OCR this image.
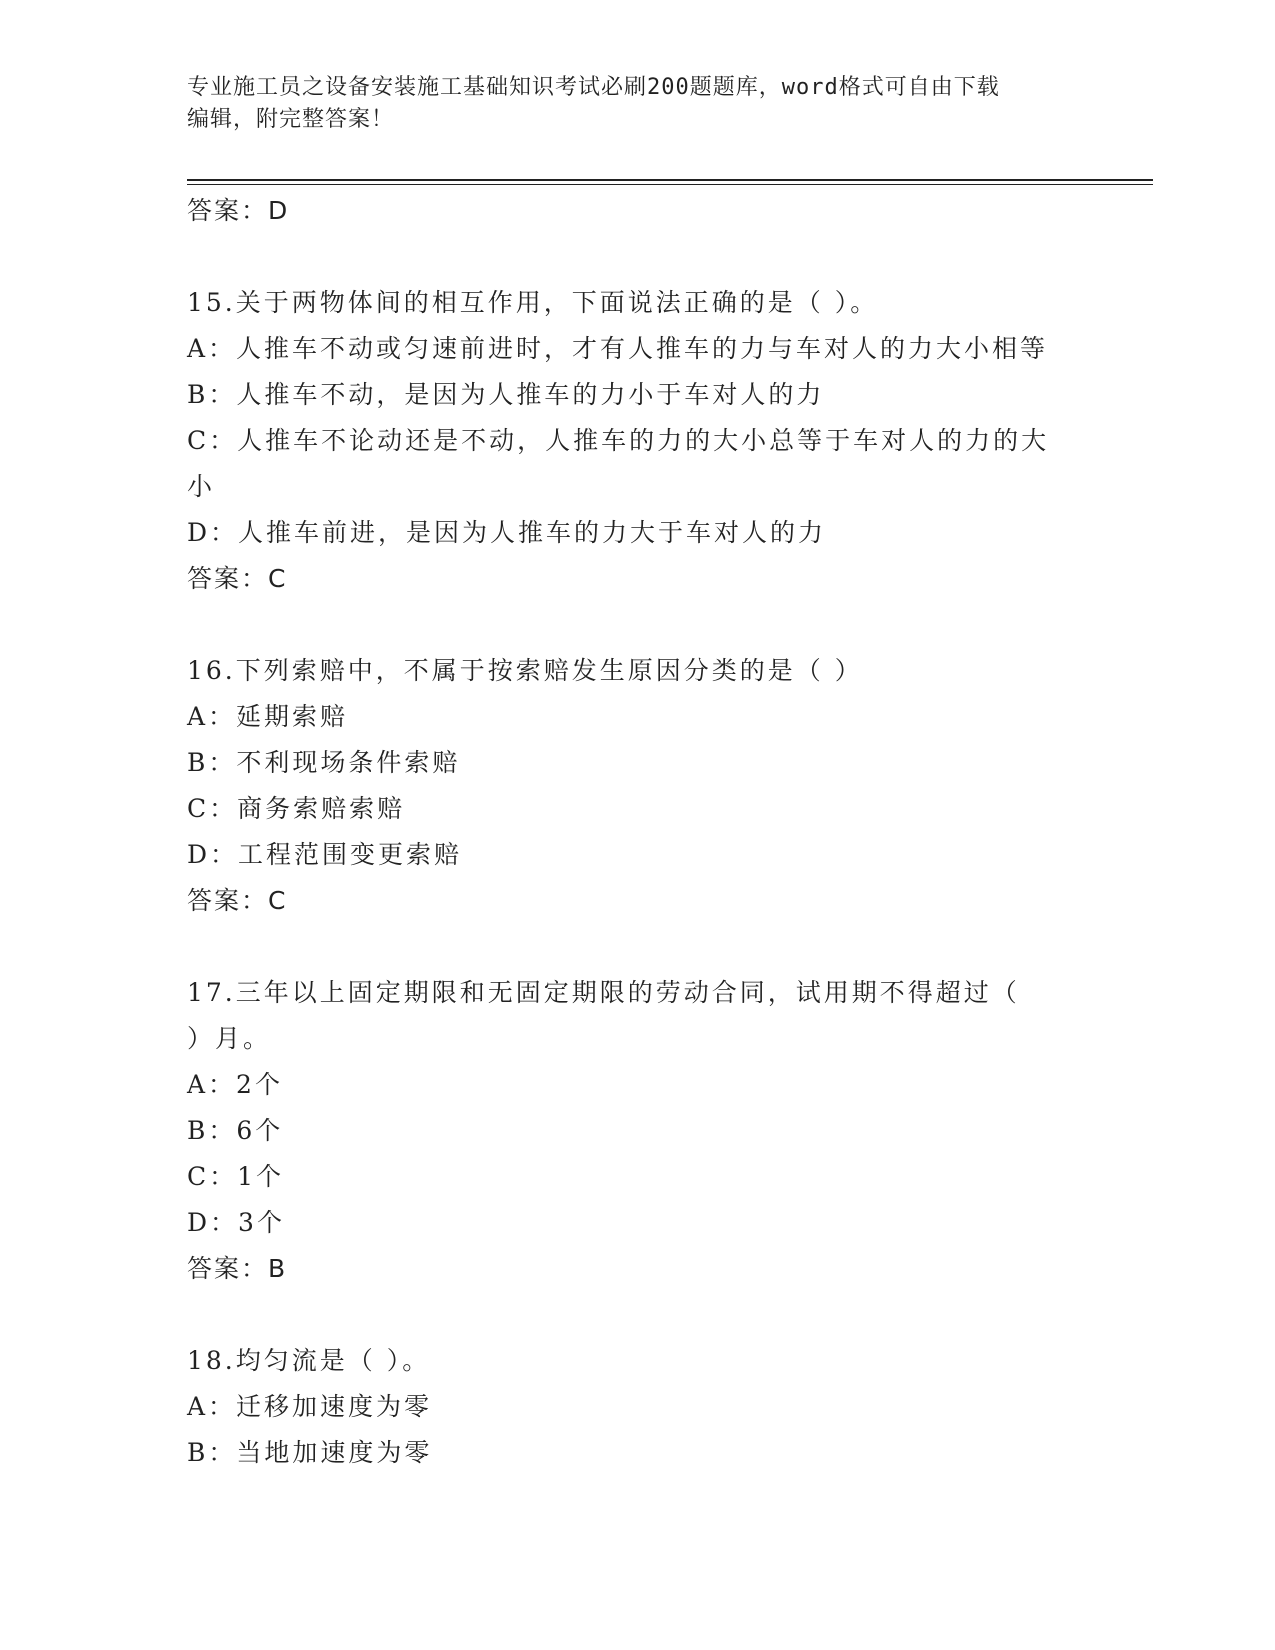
专业施工员之设备安装施工基础知识考试必刷200题题库，word格式可自由下载
编辑，附完整答案！
答案：D
15.关于两物体间的相互作用，下面说法正确的是（ ）。
A：人推车不动或匀速前进时，才有人推车的力与车对人的力大小相等
B：人推车不动，是因为人推车的力小于车对人的力
C：人推车不论动还是不动，人推车的力的大小总等于车对人的力的大
小
D：人推车前进，是因为人推车的力大于车对人的力
答案：C
16.下列索赔中，不属于按索赔发生原因分类的是（ ）
A：延期索赔
B：不利现场条件索赔
C：商务索赔索赔
D：工程范围变更索赔
答案：C
17.三年以上固定期限和无固定期限的劳动合同，试用期不得超过（
）月。
A：2个
B：6个
C：1个
D：3个
答案：B
18.均匀流是（ ）。
A：迁移加速度为零
B：当地加速度为零
